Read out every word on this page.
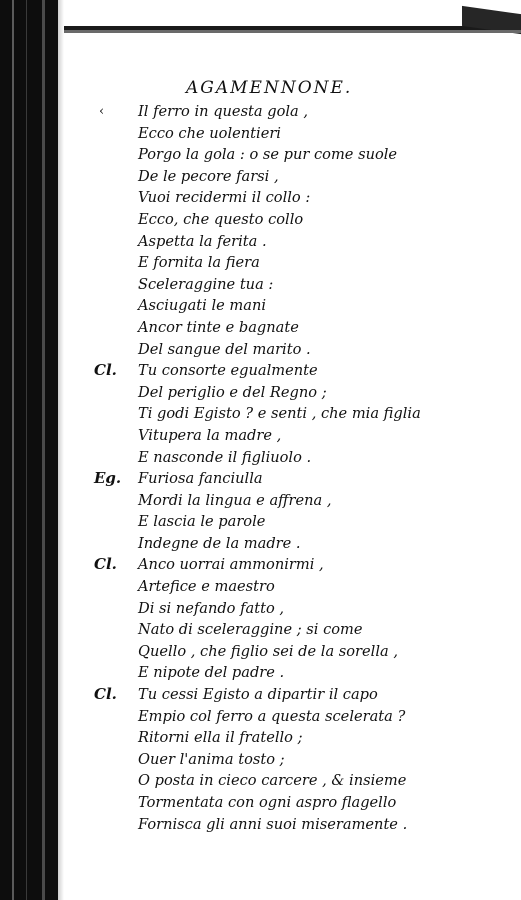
AGAMENNONE.
‹ Il ferro in questa gola ,
Ecco che uolentieri
Porgo la gola : o se pur come suole
De le pecore farsi ,
Vuoi recidermi il collo :
Ecco, che questo collo
Aspetta la ferita .
E fornita la fiera
Sceleraggine tua :
Asciugati le mani
Ancor tinte e bagnate
Del sangue del marito .
Cl. Tu consorte egualmente
Del periglio e del Regno ;
Ti godi Egisto ? e senti , che mia figlia
Vitupera la madre ,
E nasconde il figliuolo .
Eg. Furiosa fanciulla
Mordi la lingua e affrena ,
E lascia le parole
Indegne de la madre .
Cl. Anco uorrai ammonirmi ,
Artefice e maestro
Di si nefando fatto ,
Nato di sceleraggine ; si come
Quello , che figlio sei de la sorella ,
E nipote del padre .
Cl. Tu cessi Egisto a dipartir il capo
Empio col ferro a questa scelerata ?
Ritorni ella il fratello ;
Ouer l'anima tosto ;
O posta in cieco carcere , & insieme
Tormentata con ogni aspro flagello
Fornisca gli anni suoi miseramente .
